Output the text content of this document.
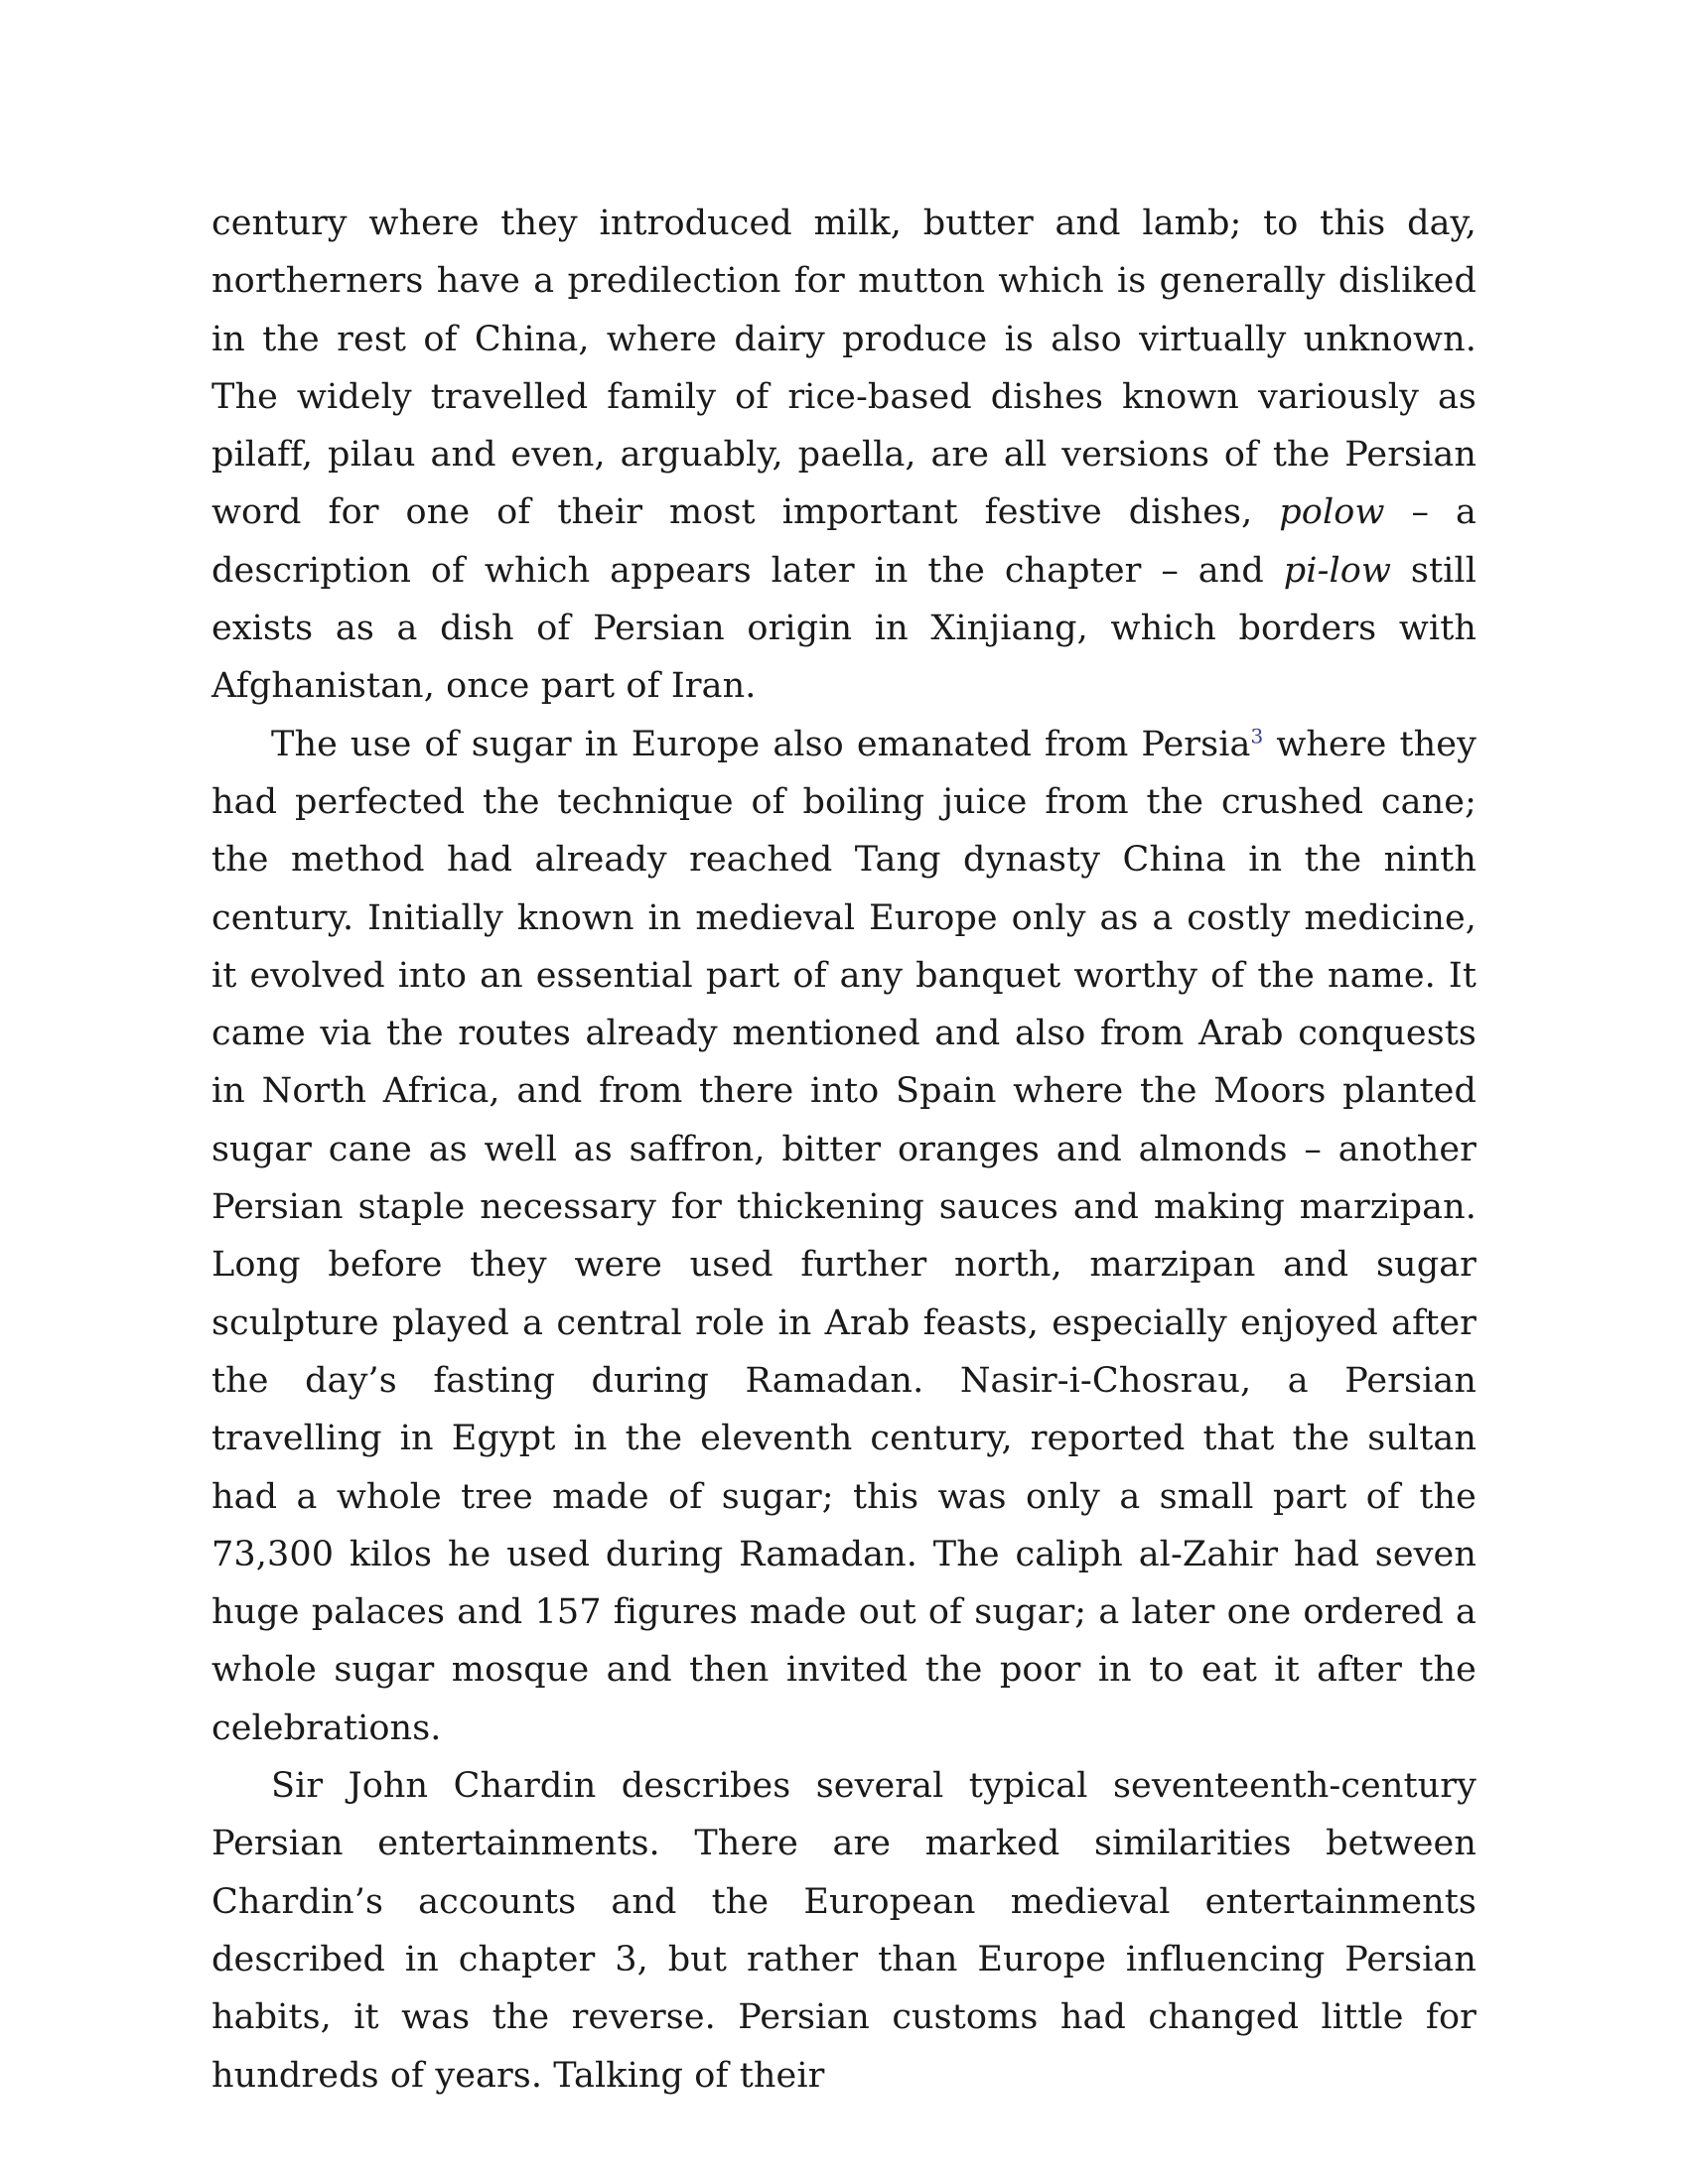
century where they introduced milk, butter and lamb; to this day, northerners have a predilection for mutton which is generally disliked in the rest of China, where dairy produce is also virtually unknown. The widely travelled family of rice-based dishes known variously as pilaff, pilau and even, arguably, paella, are all versions of the Persian word for one of their most important festive dishes, polow – a description of which appears later in the chapter – and pi-low still exists as a dish of Persian origin in Xinjiang, which borders with Afghanistan, once part of Iran.

The use of sugar in Europe also emanated from Persia$^3$ where they had perfected the technique of boiling juice from the crushed cane; the method had already reached Tang dynasty China in the ninth century. Initially known in medieval Europe only as a costly medicine, it evolved into an essential part of any banquet worthy of the name. It came via the routes already mentioned and also from Arab conquests in North Africa, and from there into Spain where the Moors planted sugar cane as well as saffron, bitter oranges and almonds – another Persian staple necessary for thickening sauces and making marzipan. Long before they were used further north, marzipan and sugar sculpture played a central role in Arab feasts, especially enjoyed after the day’s fasting during Ramadan. Nasir-i-Chosrau, a Persian travelling in Egypt in the eleventh century, reported that the sultan had a whole tree made of sugar; this was only a small part of the 73,300 kilos he used during Ramadan. The caliph al-Zahir had seven huge palaces and 157 figures made out of sugar; a later one ordered a whole sugar mosque and then invited the poor in to eat it after the celebrations.

Sir John Chardin describes several typical seventeenth-century Persian entertainments. There are marked similarities between Chardin’s accounts and the European medieval entertainments described in chapter 3, but rather than Europe influencing Persian habits, it was the reverse. Persian customs had changed little for hundreds of years. Talking of their
